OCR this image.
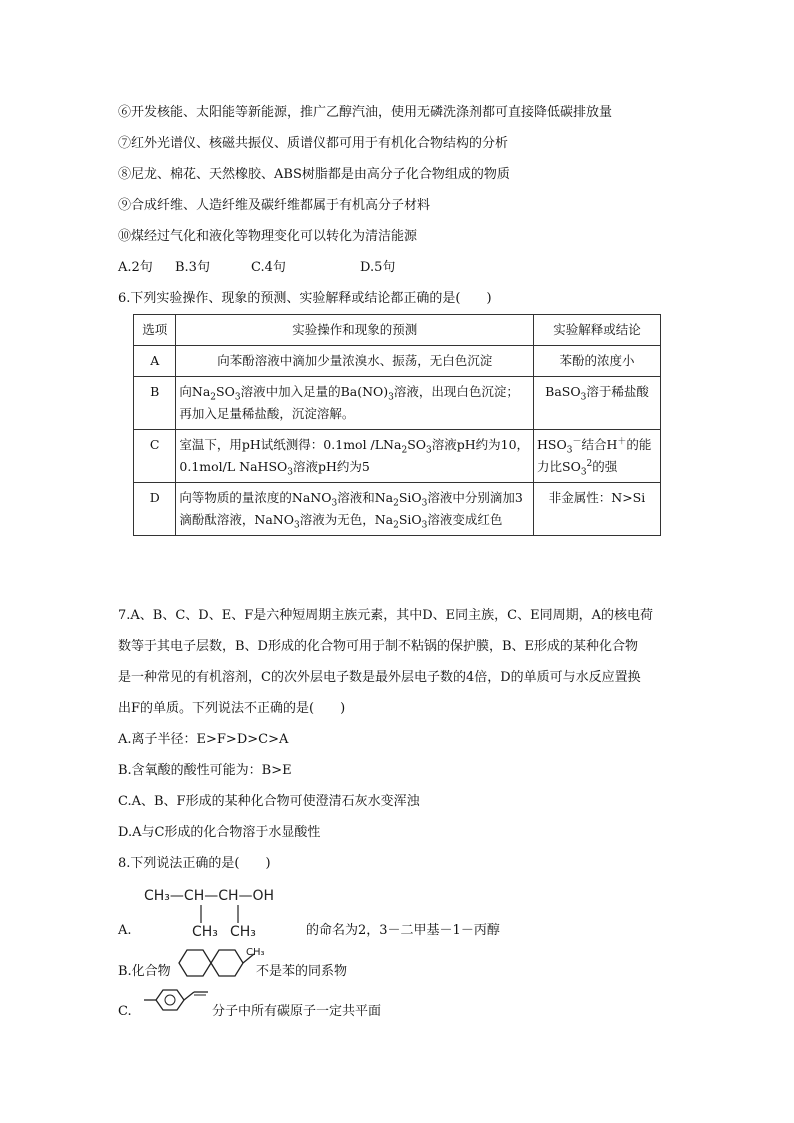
⑥开发核能、太阳能等新能源，推广乙醇汽油，使用无磷洗涤剂都可直接降低碳排放量
⑦红外光谱仪、核磁共振仪、质谱仪都可用于有机化合物结构的分析
⑧尼龙、棉花、天然橡胶、ABS树脂都是由高分子化合物组成的物质
⑨合成纤维、人造纤维及碳纤维都属于有机高分子材料
⑩煤经过气化和液化等物理变化可以转化为清洁能源
A.2句 B.3句	C.4句	D.5句
6.下列实验操作、现象的预测、实验解释或结论都正确的是(　　)
选项	实验操作和现象的预测	实验解释或结论
A	向苯酚溶液中滴加少量浓溴水、振荡，无白色沉淀	苯酚的浓度小
B	向$Na_2SO_3$溶液中加入足量的$Ba(NO)_3$溶液，出现白色沉淀；
再加入足量稀盐酸，沉淀溶解。	BaSO$_3$溶于稀盐酸
C	室温下，用pH试纸测得：0.1mol $/LNa_2SO_3$溶液pH约为10，
0.1mol/L NaHSO$_3$溶液pH约为5	$HSO_3^-$结合H＋的能
力比$SO_3^2$的强
D	向等物质的量浓度的NaNO$_3$溶液和$Na_2SiO_3$溶液中分别滴加3
滴酚酞溶液，NaNO$_3$溶液为无色，$Na_2SiO_3$溶液变成红色	非金属性：N>Si
7.A、B、C、D、E、F是六种短周期主族元素，其中D、E同主族，C、E同周期，A的核电荷
数等于其电子层数，B、D形成的化合物可用于制不粘锅的保护膜，B、E形成的某种化合物
是一种常见的有机溶剂，C的次外层电子数是最外层电子数的4倍，D的单质可与水反应置换
出F的单质。下列说法不正确的是(　　)
A.离子半径：E>F>D>C>A
B.含氧酸的酸性可能为：B>E
C.A、B、F形成的某种化合物可使澄清石灰水变浑浊
D.A与C形成的化合物溶于水显酸性
8.下列说法正确的是(　　)
CH₃—CH—CH—OH
CH₃ CH₃
A.	的命名为2，3－二甲基－1－丙醇
B.化合物
CH₃
不是苯的同系物
C.	分子中所有碳原子一定共平面
